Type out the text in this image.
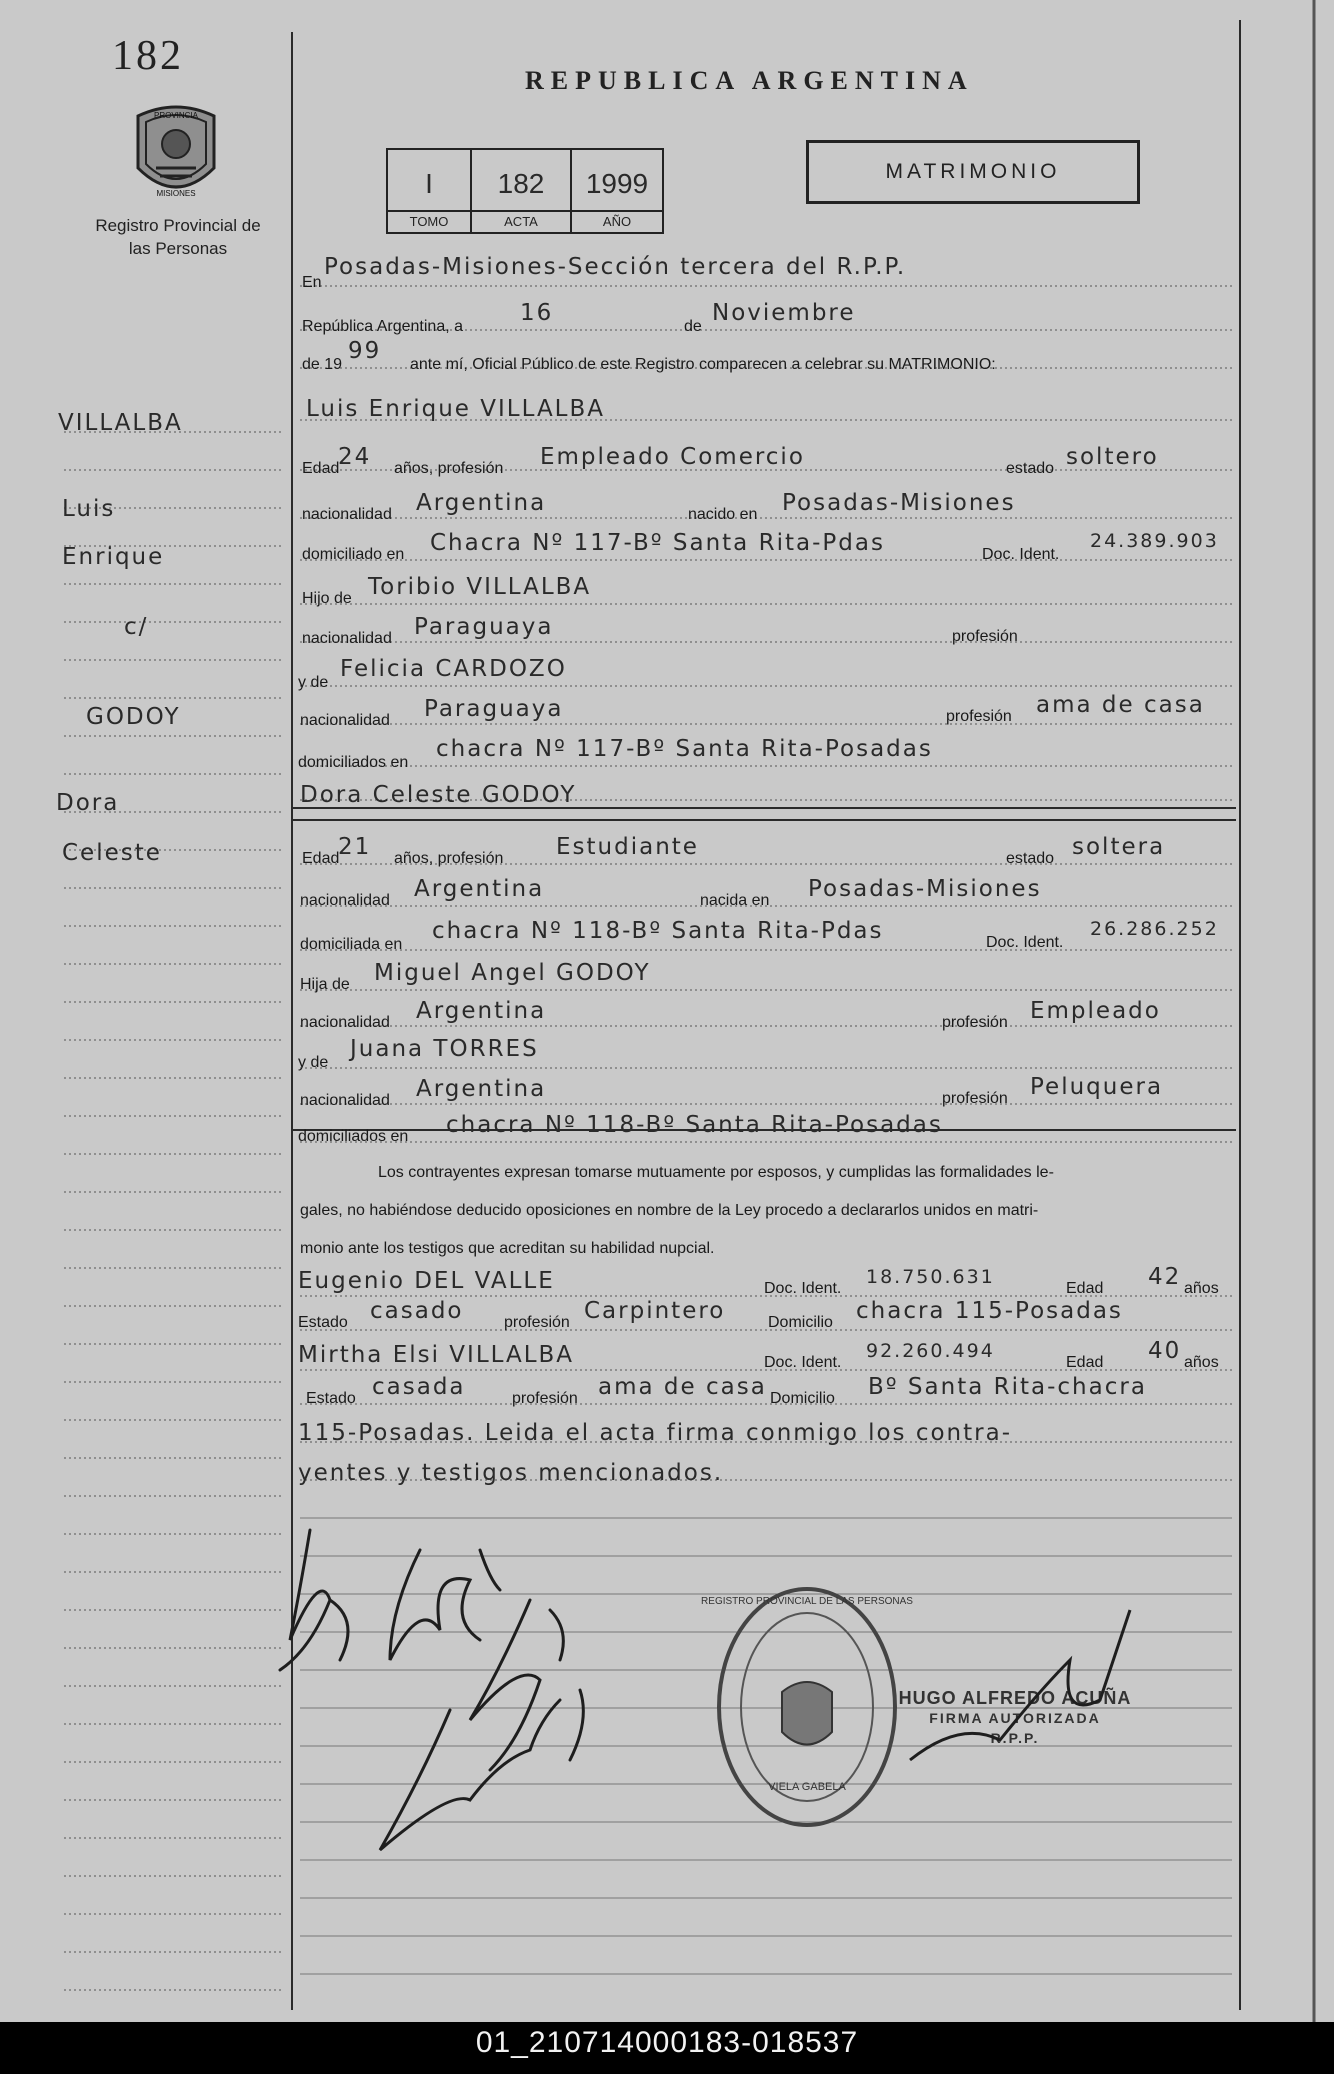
182
PROVINCIA
MISIONES
Registro Provincial de las Personas
REPUBLICA ARGENTINA
MATRIMONIO
I
TOMO
182
ACTA
1999
AÑO
VILLALBA
Luis
Enrique
c/
GODOY
Dora
Celeste
En
Posadas-Misiones-Sección tercera del R.P.P.
República Argentina, a
16
de
Noviembre
de 19
99
ante mí, Oficial Público de este Registro comparecen a celebrar su MATRIMONIO:
Luis Enrique VILLALBA
Edad
24 años, profesión Empleado Comercio	estado soltero
nacionalidad Argentina	nacido en Posadas-Misiones
domiciliado en Chacra Nº 117-Bº Santa Rita-Pdas	Doc. Ident.
24.389.903
Hijo de Toribio VILLALBA
nacionalidad Paraguaya	profesión
y de
Felicia CARDOZO
nacionalidad Paraguaya	profesión ama de casa
domiciliados en
chacra Nº 117-Bº Santa Rita-Posadas
Dora Celeste GODOY
Edad
21 años, profesión Estudiante	estado soltera
nacionalidad Argentina	nacida en Posadas-Misiones
domiciliada en
chacra Nº 118-Bº Santa Rita-Pdas	Doc. Ident.
26.286.252
Hija de Miguel Angel GODOY
nacionalidad Argentina	profesión Empleado
y de
Juana TORRES
nacionalidad Argentina	profesión Peluquera
domiciliados en chacra Nº 118-Bº Santa Rita-Posadas
Los contrayentes expresan tomarse mutuamente por esposos, y cumplidas las formalidades le-
gales, no habiéndose deducido oposiciones en nombre de la Ley procedo a declararlos unidos en matri-
monio ante los testigos que acreditan su habilidad nupcial.
Eugenio DEL VALLE	Doc. Ident.
18.750.631
Edad 42 años
Estado casado	profesión Carpintero	Domicilio chacra 115-Posadas
Mirtha Elsi VILLALBA	Doc. Ident.
92.260.494
Edad 40 años
Estado casada	profesión ama de casa Domicilio Bº Santa Rita-chacra
115-Posadas. Leida el acta firma conmigo los contra-
yentes y testigos mencionados.
REGISTRO PROVINCIAL DE LAS PERSONAS
VIELA GABELA
HUGO ALFREDO ACUÑA
FIRMA AUTORIZADA
R.P.P.
01_210714000183-018537
